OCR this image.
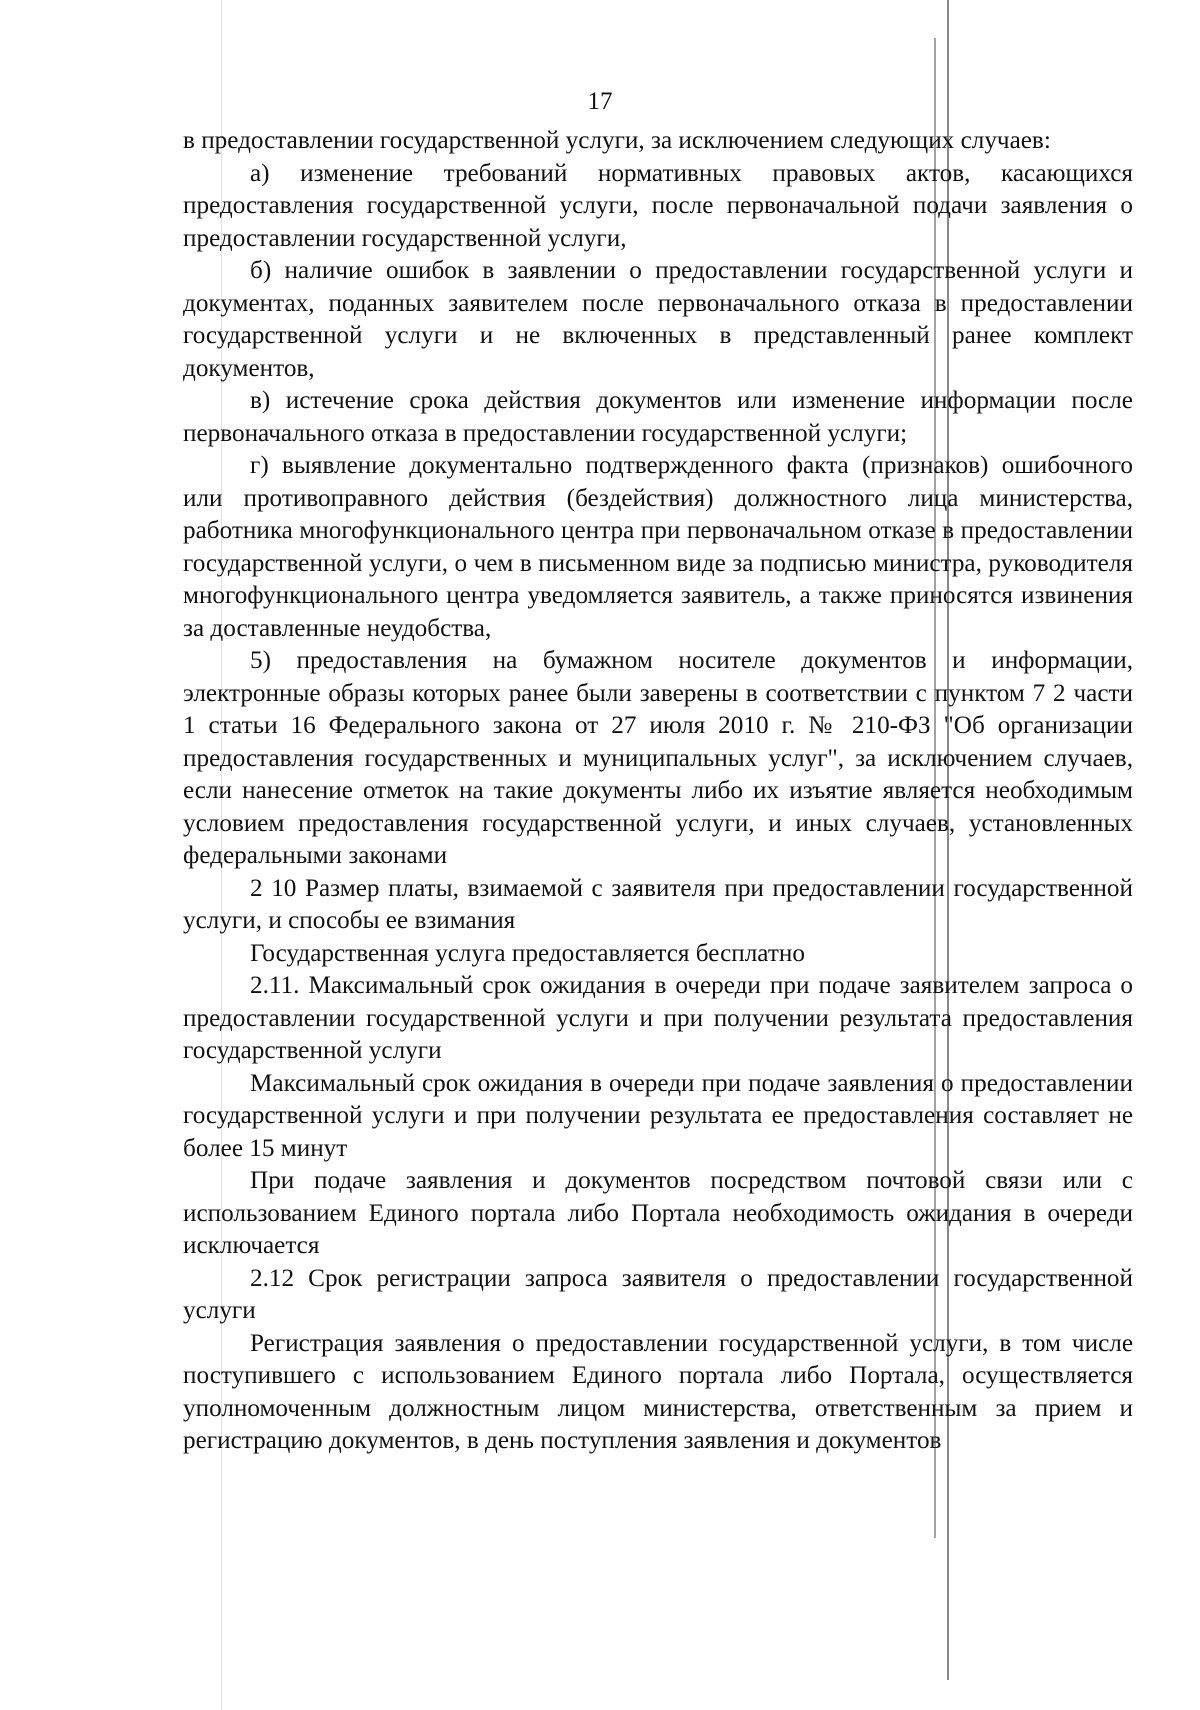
17

в предоставлении государственной услуги, за исключением следующих случаев:

а) изменение требований нормативных правовых актов, касающихся предоставления государственной услуги, после первоначальной подачи заявления о предоставлении государственной услуги,

б) наличие ошибок в заявлении о предоставлении государственной услуги и документах, поданных заявителем после первоначального отказа в предоставлении государственной услуги и не включенных в представленный ранее комплект документов,

в) истечение срока действия документов или изменение информации после первоначального отказа в предоставлении государственной услуги;

г) выявление документально подтвержденного факта (признаков) ошибочного или противоправного действия (бездействия) должностного лица министерства, работника многофункционального центра при первоначальном отказе в предоставлении государственной услуги, о чем в письменном виде за подписью министра, руководителя многофункционального центра уведомляется заявитель, а также приносятся извинения за доставленные неудобства,

5) предоставления на бумажном носителе документов и информации, электронные образы которых ранее были заверены в соответствии с пунктом 7 2 части 1 статьи 16 Федерального закона от 27 июля 2010 г. № 210-ФЗ "Об организации предоставления государственных и муниципальных услуг", за исключением случаев, если нанесение отметок на такие документы либо их изъятие является необходимым условием предоставления государственной услуги, и иных случаев, установленных федеральными законами

2 10 Размер платы, взимаемой с заявителя при предоставлении государственной услуги, и способы ее взимания

Государственная услуга предоставляется бесплатно

2.11. Максимальный срок ожидания в очереди при подаче заявителем запроса о предоставлении государственной услуги и при получении результата предоставления государственной услуги

Максимальный срок ожидания в очереди при подаче заявления о предоставлении государственной услуги и при получении результата ее предоставления составляет не более 15 минут

При подаче заявления и документов посредством почтовой связи или с использованием Единого портала либо Портала необходимость ожидания в очереди исключается

2.12 Срок регистрации запроса заявителя о предоставлении государственной услуги

Регистрация заявления о предоставлении государственной услуги, в том числе поступившего с использованием Единого портала либо Портала, осуществляется уполномоченным должностным лицом министерства, ответственным за прием и регистрацию документов, в день поступления заявления и документов
